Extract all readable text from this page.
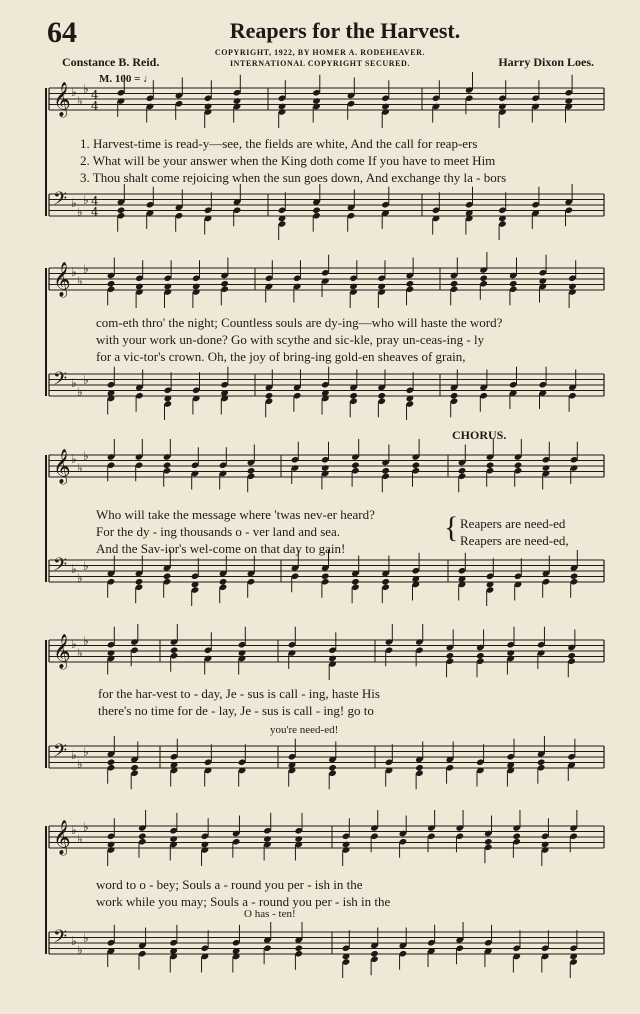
64	Reapers for the Harvest.
COPYRIGHT, 1922, BY HOMER A. RODEHEAVER.
INTERNATIONAL COPYRIGHT SECURED.
Constance B. Reid.	Harry Dixon Loes.
M. 100 = ♩
CHORUS.
𝄞 ♭
♭
♭ 4
4
𝄢 ♭
♭
♭ 4
4
𝄞 ♭
♭
♭
𝄢 ♭
♭
♭
𝄞 ♭
♭
♭
𝄢 ♭
♭
♭
𝄞 ♭
♭
♭
𝄢 ♭
♭
♭
𝄞 ♭
♭
♭
𝄢 ♭
♭
♭
1. Harvest-time is read-y—see, the fields are white, And the call for reap-ers
2. What will be your answer when the King doth come If you have to meet Him
3. Thou shalt come rejoicing when the sun goes down, And exchange thy la - bors
com-eth thro' the night; Countless souls are dy-ing—who will haste the word?
with your work un-done? Go with scythe and sic-kle, pray un-ceas-ing - ly
for a vic-tor's crown. Oh, the joy of bring-ing gold-en sheaves of grain,
Who will take the message where 'twas nev-er heard?
For the dy - ing thousands o - ver land and sea.
And the Sav-ior's wel-come on that day to gain!
{ Reapers are need-ed
Reapers are need-ed,
for the har-vest to - day, Je - sus is call - ing, haste His
there's no time for de - lay, Je - sus is call - ing! go to
you're need-ed!
word to o - bey; Souls a - round you per - ish in the
work while you may; Souls a - round you per - ish in the
O has - ten!
